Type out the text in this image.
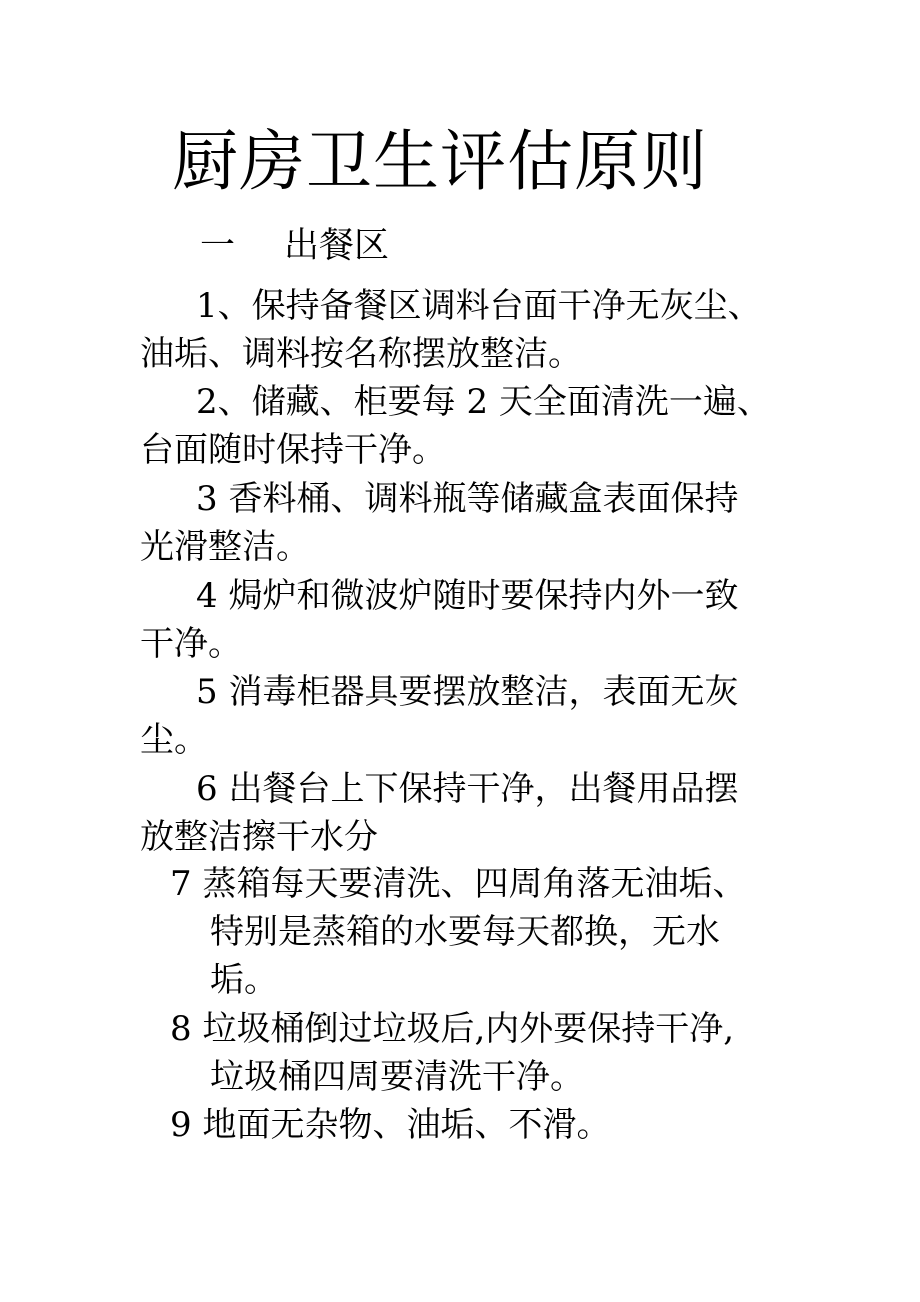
厨房卫生评估原则
一 出餐区

1、保持备餐区调料台面干净无灰尘、
油垢、调料按名称摆放整洁。

2、储藏、柜要每 2 天全面清洗一遍、
台面随时保持干净。

3 香料桶、调料瓶等储藏盒表面保持
光滑整洁。

4 焗炉和微波炉随时要保持内外一致
干净。

5 消毒柜器具要摆放整洁，表面无灰
尘。

6 出餐台上下保持干净，出餐用品摆
放整洁擦干水分

7 蒸箱每天要清洗、四周角落无油垢、
特别是蒸箱的水要每天都换，无水
垢。

8 垃圾桶倒过垃圾后,内外要保持干净,
垃圾桶四周要清洗干净。

9 地面无杂物、油垢、不滑。
